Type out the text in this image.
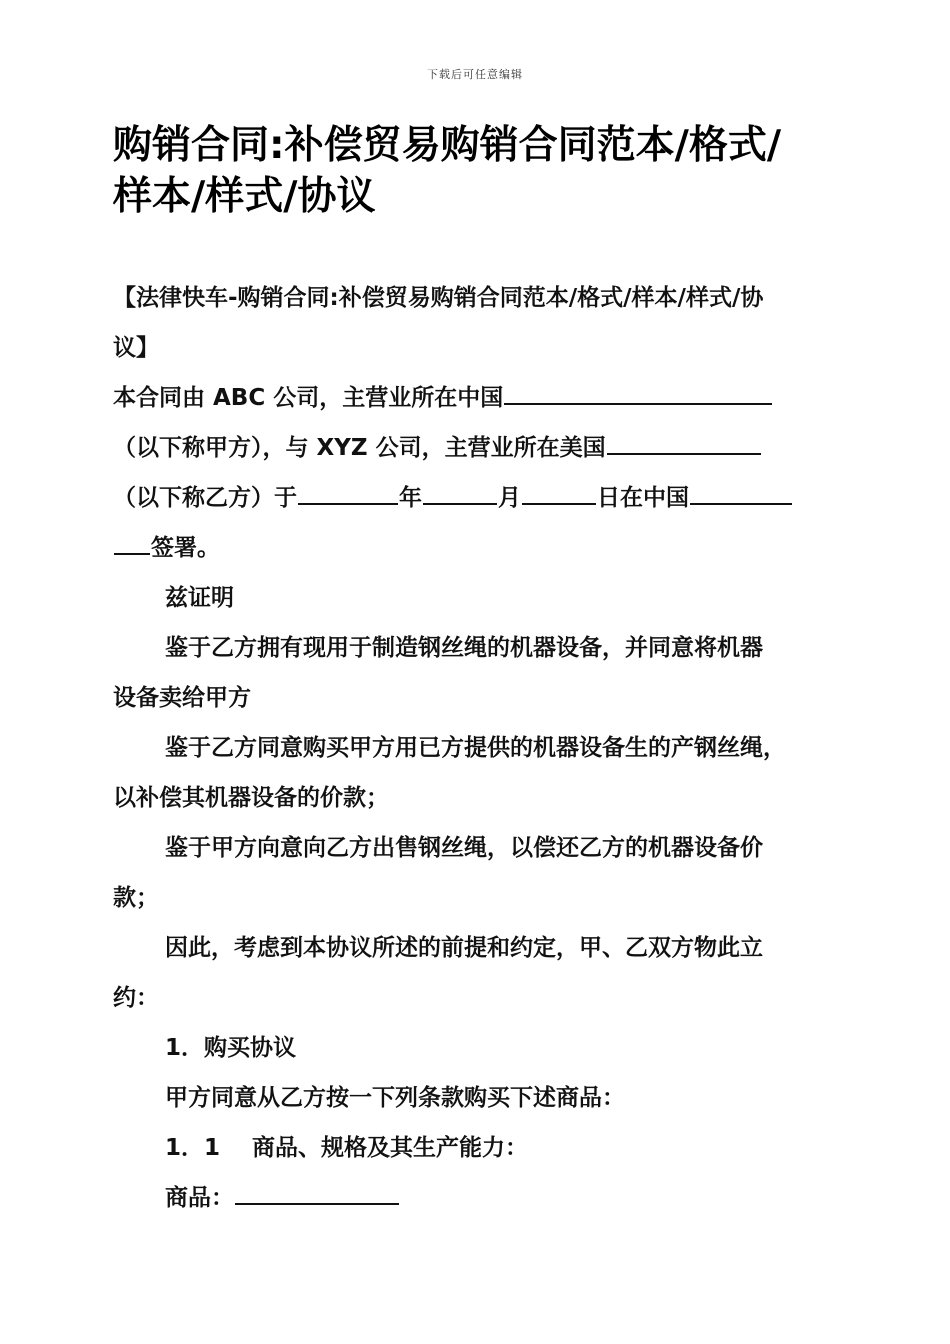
下载后可任意编辑
购销合同:补偿贸易购销合同范本/格式/
样本/样式/协议
【法律快车-购销合同:补偿贸易购销合同范本/格式/样本/样式/协
议】
本合同由 ABC 公司，主营业所在中国
（以下称甲方），与 XYZ 公司，主营业所在美国
（以下称乙方）于	年	月	日在中国
签署。
兹证明
鉴于乙方拥有现用于制造钢丝绳的机器设备，并同意将机器
设备卖给甲方
鉴于乙方同意购买甲方用已方提供的机器设备生的产钢丝绳，
以补偿其机器设备的价款；
鉴于甲方向意向乙方出售钢丝绳，以偿还乙方的机器设备价
款；
因此，考虑到本协议所述的前提和约定，甲、乙双方物此立
约：
1．购买协议
甲方同意从乙方按一下列条款购买下述商品：
1．1 商品、规格及其生产能力：
商品：
